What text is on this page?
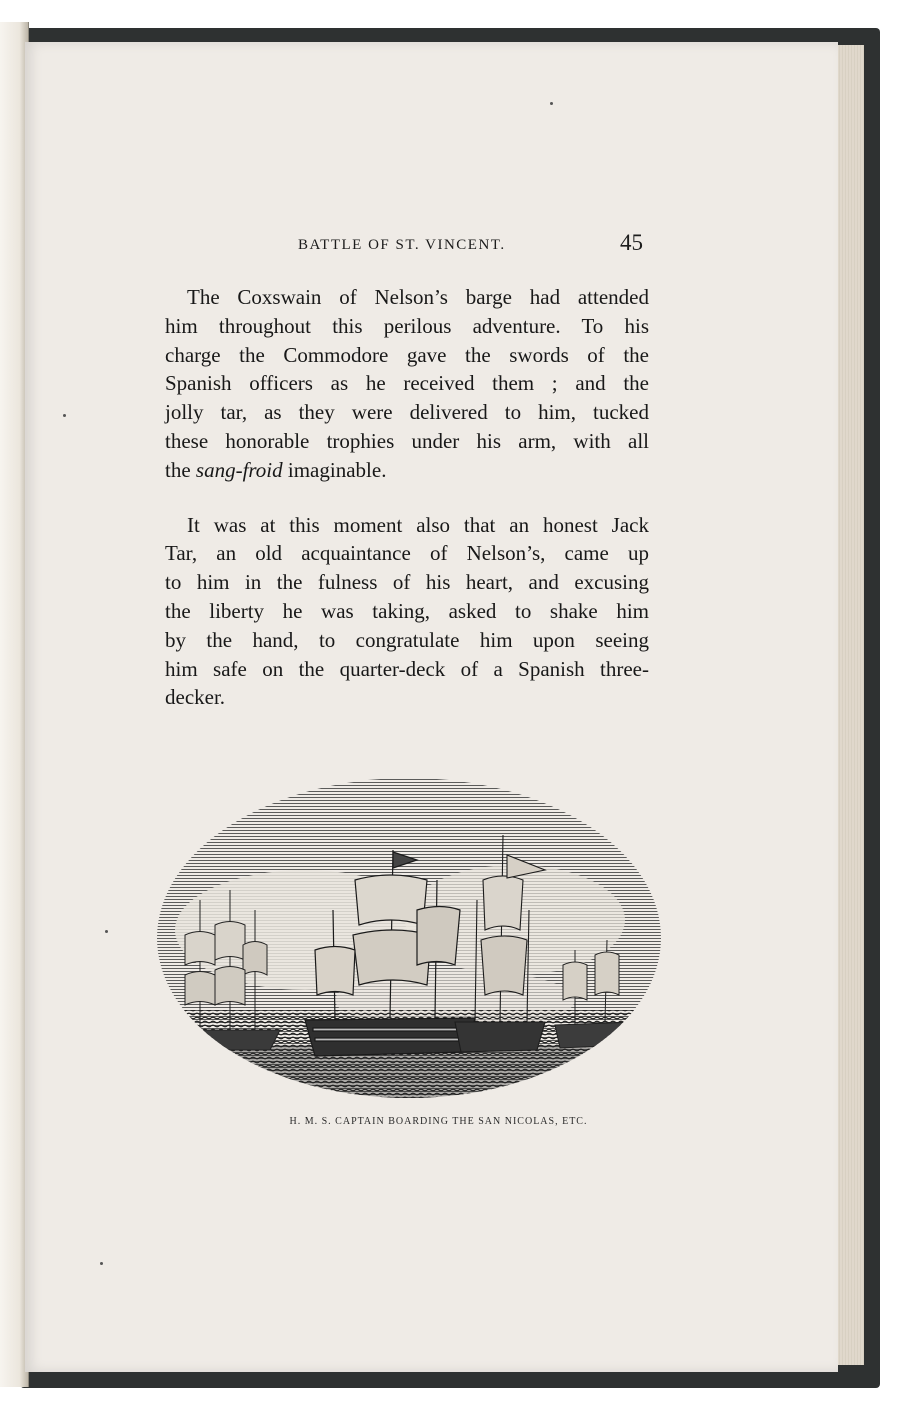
BATTLE OF ST. VINCENT.	45

The Coxswain of Nelson’s barge had attended
him throughout this perilous adventure. To his
charge the Commodore gave the swords of the
Spanish officers as he received them ; and the
jolly tar, as they were delivered to him, tucked
these honorable trophies under his arm, with all
the sang-froid imaginable.

It was at this moment also that an honest Jack
Tar, an old acquaintance of Nelson’s, came up
to him in the fulness of his heart, and excusing
the liberty he was taking, asked to shake him
by the hand, to congratulate him upon seeing
him safe on the quarter-deck of a Spanish three-
decker.

H. M. S. CAPTAIN BOARDING THE SAN NICOLAS, ETC.
